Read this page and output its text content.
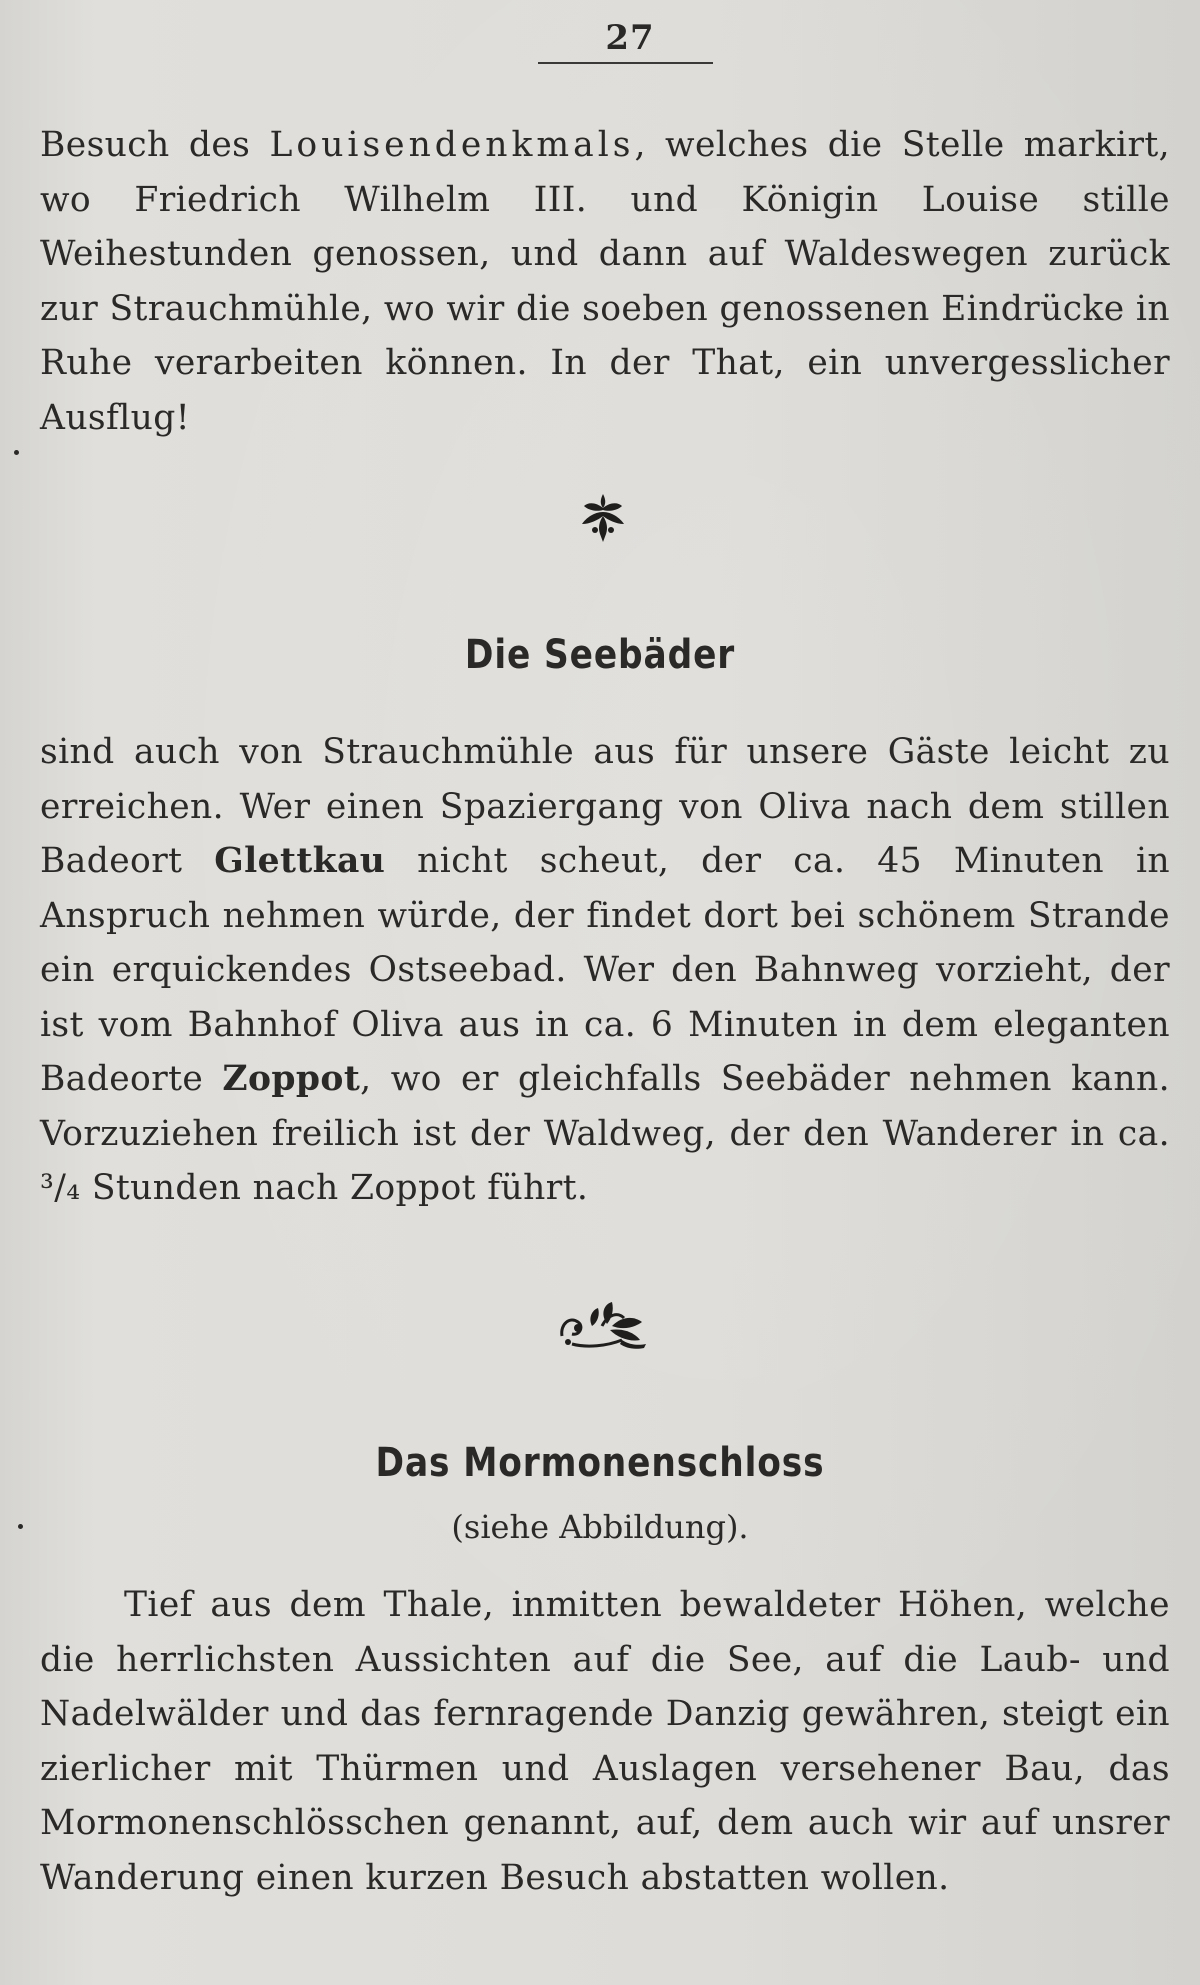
27

Besuch des Louisendenkmals, welches die Stelle markirt, wo Friedrich Wilhelm III. und Königin Louise stille Weihestunden genossen, und dann auf Waldeswegen zurück zur Strauchmühle, wo wir die soeben genossenen Eindrücke in Ruhe verarbeiten können. In der That, ein unvergesslicher Ausflug!

Die Seebäder

sind auch von Strauchmühle aus für unsere Gäste leicht zu erreichen. Wer einen Spaziergang von Oliva nach dem stillen Badeort Glettkau nicht scheut, der ca. 45 Minuten in Anspruch nehmen würde, der findet dort bei schönem Strande ein erquickendes Ostseebad. Wer den Bahnweg vorzieht, der ist vom Bahnhof Oliva aus in ca. 6 Minuten in dem eleganten Badeorte Zoppot, wo er gleichfalls Seebäder nehmen kann. Vorzuziehen freilich ist der Waldweg, der den Wanderer in ca. ³/₄ Stunden nach Zoppot führt.

Das Mormonenschloss
(siehe Abbildung).

Tief aus dem Thale, inmitten bewaldeter Höhen, welche die herrlichsten Aussichten auf die See, auf die Laub- und Nadelwälder und das fernragende Danzig gewähren, steigt ein zierlicher mit Thürmen und Auslagen versehener Bau, das Mormonenschlösschen genannt, auf, dem auch wir auf unsrer Wanderung einen kurzen Besuch abstatten wollen.
